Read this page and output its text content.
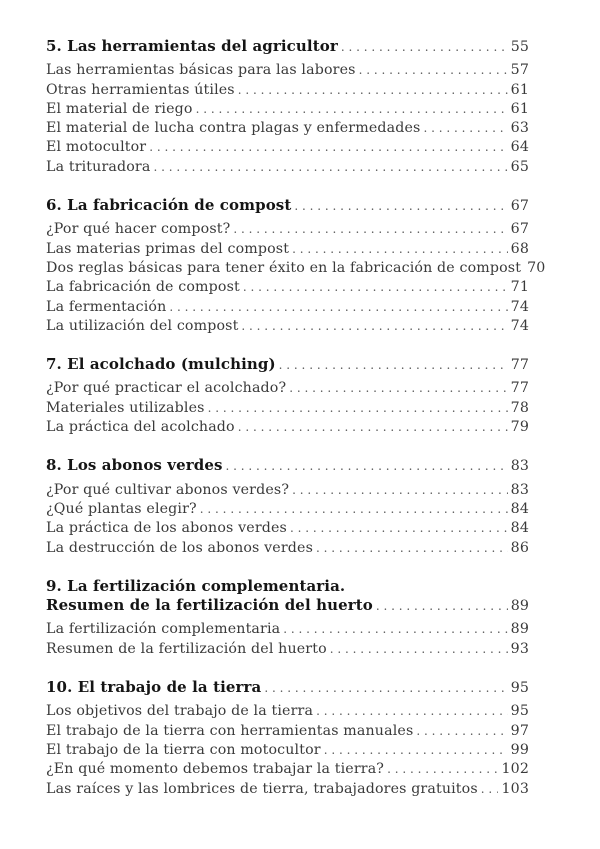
5. Las herramientas del agricultor . . .	55
Las herramientas básicas para las labores . . .	57
Otras herramientas útiles . . .	61
El material de riego . . .	61
El material de lucha contra plagas y enfermedades . . .	63
El motocultor . . .	64
La trituradora . . .	65
6. La fabricación de compost . . .	67
¿Por qué hacer compost? . . .	67
Las materias primas del compost . . .	68
Dos reglas básicas para tener éxito en la fabricación de compost 70
La fabricación de compost . . .	71
La fermentación . . .	74
La utilización del compost . . .	74
7. El acolchado (mulching) . . .	77
¿Por qué practicar el acolchado? . . .	77
Materiales utilizables . . .	78
La práctica del acolchado . . .	79
8. Los abonos verdes . . .	83
¿Por qué cultivar abonos verdes? . . .	83
¿Qué plantas elegir? . . .	84
La práctica de los abonos verdes . . .	84
La destrucción de los abonos verdes . . .	86
9. La fertilización complementaria.
Resumen de la fertilización del huerto . . .	89
La fertilización complementaria . . .	89
Resumen de la fertilización del huerto . . .	93
10. El trabajo de la tierra . . .	95
Los objetivos del trabajo de la tierra . . .	95
El trabajo de la tierra con herramientas manuales . . .	97
El trabajo de la tierra con motocultor . . .	99
¿En qué momento debemos trabajar la tierra? . . .	102
Las raíces y las lombrices de tierra, trabajadores gratuitos . . . 103
